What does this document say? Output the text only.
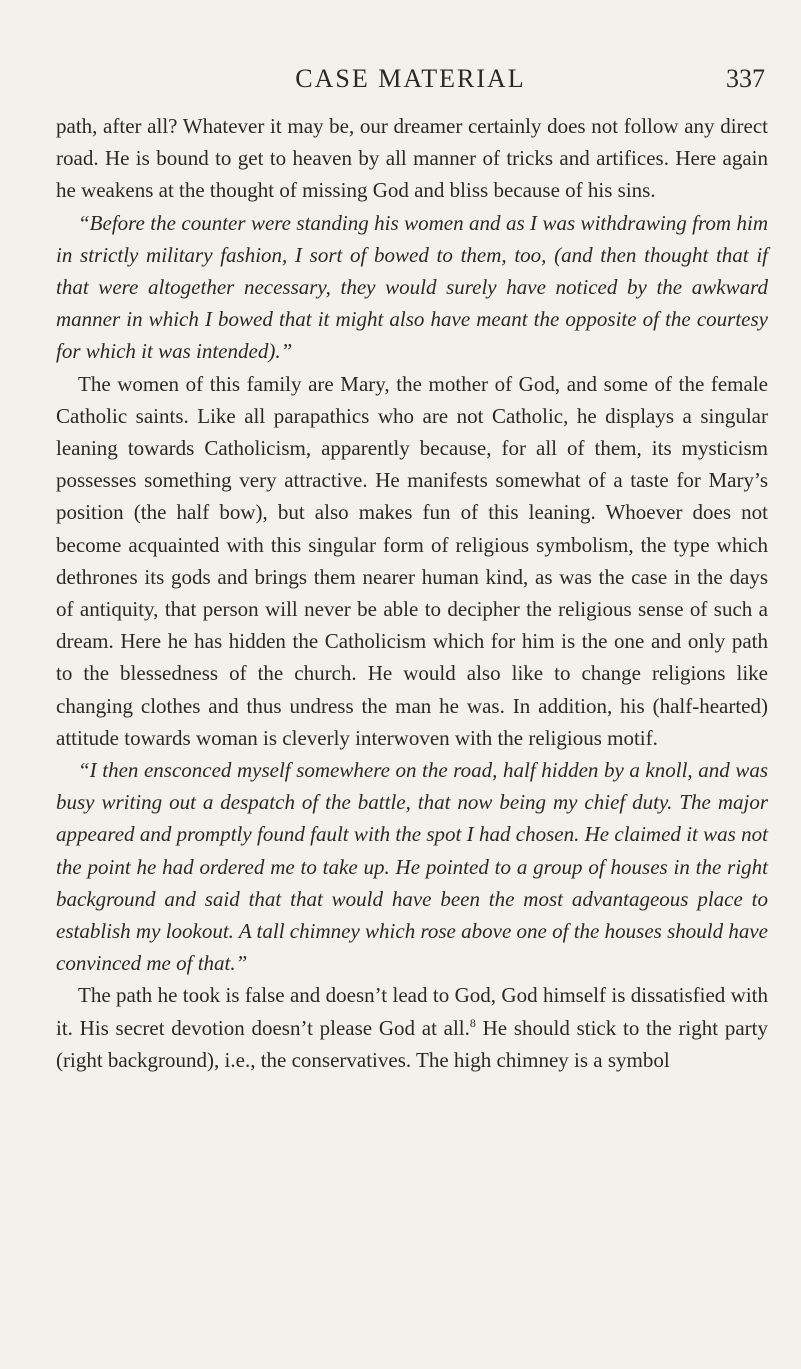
CASE MATERIAL	337

path, after all? Whatever it may be, our dreamer certainly does not follow any direct road. He is bound to get to heaven by all manner of tricks and artifices. Here again he weakens at the thought of missing God and bliss because of his sins.

“Before the counter were standing his women and as I was withdrawing from him in strictly military fashion, I sort of bowed to them, too, (and then thought that if that were altogether necessary, they would surely have noticed by the awkward manner in which I bowed that it might also have meant the opposite of the courtesy for which it was intended).”

The women of this family are Mary, the mother of God, and some of the female Catholic saints. Like all parapathics who are not Catholic, he displays a singular leaning towards Catholicism, apparently because, for all of them, its mysticism possesses something very attractive. He manifests somewhat of a taste for Mary’s position (the half bow), but also makes fun of this leaning. Whoever does not become acquainted with this singular form of religious symbolism, the type which dethrones its gods and brings them nearer human kind, as was the case in the days of antiquity, that person will never be able to decipher the religious sense of such a dream. Here he has hidden the Catholicism which for him is the one and only path to the blessedness of the church. He would also like to change religions like changing clothes and thus undress the man he was. In addition, his (half-hearted) attitude towards woman is cleverly interwoven with the religious motif.

“I then ensconced myself somewhere on the road, half hidden by a knoll, and was busy writing out a despatch of the battle, that now being my chief duty. The major appeared and promptly found fault with the spot I had chosen. He claimed it was not the point he had ordered me to take up. He pointed to a group of houses in the right background and said that that would have been the most advantageous place to establish my lookout. A tall chimney which rose above one of the houses should have convinced me of that.”

The path he took is false and doesn’t lead to God, God himself is dissatisfied with it. His secret devotion doesn’t please God at all.$^8$ He should stick to the right party (right background), i.e., the conservatives. The high chimney is a symbol
